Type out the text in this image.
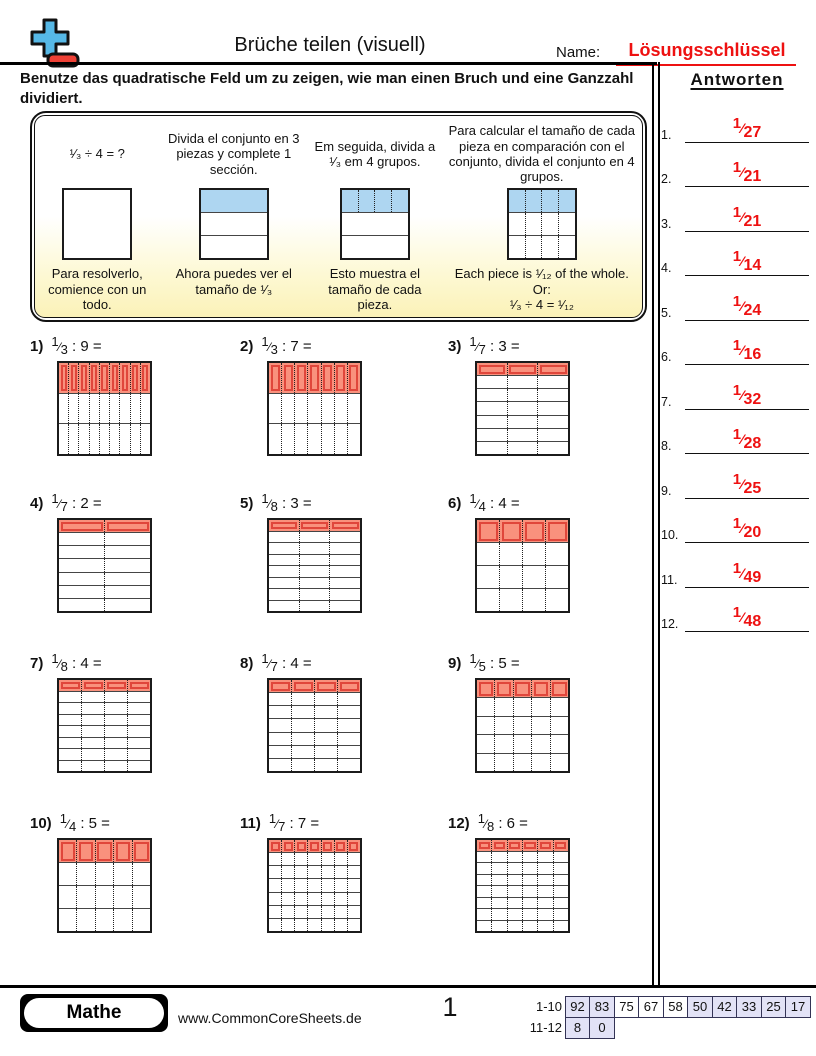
Brüche teilen (visuell)	Name:	Lösungsschlüssel
Benutze das quadratische Feld um zu zeigen, wie man einen Bruch und eine Ganzzahl dividiert.
¹⁄₃ ÷ 4 = ?
Para resolverlo, comience con un todo.
Divida el conjunto en 3 piezas y complete 1 sección.
Ahora puedes ver el tamaño de ¹⁄₃
Em seguida, divida a ¹⁄₃ em 4 grupos.
Esto muestra el tamaño de cada pieza.
Para calcular el tamaño de cada pieza en comparación con el conjunto, divida el conjunto en 4 grupos.
Each piece is ¹⁄₁₂ of the whole.
Or:
¹⁄₃ ÷ 4 = ¹⁄₁₂
1) 1⁄3 : 9 =	2) 1⁄3 : 7 =	3) 1⁄7 : 3 =
4) 1⁄7 : 2 =	5) 1⁄8 : 3 =	6) 1⁄4 : 4 =
7) 1⁄8 : 4 =	8) 1⁄7 : 4 =	9) 1⁄5 : 5 =
10) 1⁄4 : 5 =	11) 1⁄7 : 7 =	12) 1⁄8 : 6 =
Antworten
1.
1⁄27
2.
1⁄21
3.
1⁄21
4.
1⁄14
5.
1⁄24
6.
1⁄16
7.
1⁄32
8.
1⁄28
9.
1⁄25
10.
1⁄20
11.
1⁄49
12.
1⁄48
Mathe	www.CommonCoreSheets.de	1	1-10 92 83 75 67 58 50 42 33 25 17
11-12 8	0
